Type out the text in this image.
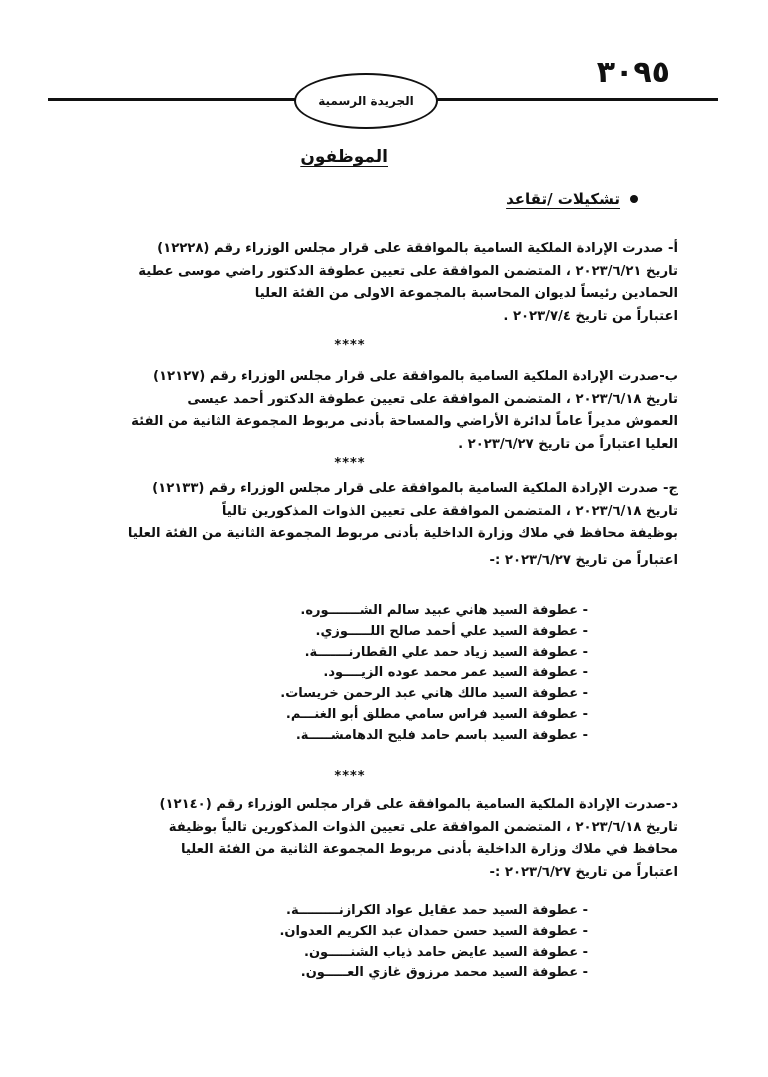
٣٠٩٥
الجريدة الرسمية
الموظفون
تشكيلات /تقاعد
أ- صدرت الإرادة الملكية السامية بالموافقة على قرار مجلس الوزراء رقم (١٢٢٢٨)
تاريخ ٢٠٢٣/٦/٢١ ، المتضمن الموافقة على تعيين عطوفة الدكتور راضي موسى عطية
الحمادين رئيساً لديوان المحاسبة بالمجموعة الاولى من الفئة العليا
اعتباراً من تاريخ ٢٠٢٣/٧/٤ .
****
ب-صدرت الإرادة الملكية السامية بالموافقة على قرار مجلس الوزراء رقم (١٢١٢٧)
تاريخ ٢٠٢٣/٦/١٨ ، المتضمن الموافقة على تعيين عطوفة الدكتور أحمد عيسى
العموش مديراً عاماً لدائرة الأراضي والمساحة بأدنى مربوط المجموعة الثانية من الفئة
العليا اعتباراً من تاريخ ٢٠٢٣/٦/٢٧ .
****
ج- صدرت الإرادة الملكية السامية بالموافقة على قرار مجلس الوزراء رقم (١٢١٣٣)
تاريخ ٢٠٢٣/٦/١٨ ، المتضمن الموافقة على تعيين الذوات المذكورين تالياً
بوظيفة محافظ في ملاك وزارة الداخلية بأدنى مربوط المجموعة الثانية من الفئة العليا
اعتباراً من تاريخ ٢٠٢٣/٦/٢٧ :-
- عطوفة السيد هاني عبيد سالم الشـــــــوره.
- عطوفة السيد علي أحمد صالح اللـــــوزي.
- عطوفة السيد زياد حمد علي القطارنـــــــة.
- عطوفة السيد عمر محمد عوده الزيــــود.
- عطوفة السيد مالك هاني عبد الرحمن خريسات.
- عطوفة السيد فراس سامي مطلق أبو الغنـــم.
- عطوفة السيد باسم حامد فليح الدهامشـــــة.
****
د-صدرت الإرادة الملكية السامية بالموافقة على قرار مجلس الوزراء رقم (١٢١٤٠)
تاريخ ٢٠٢٣/٦/١٨ ، المتضمن الموافقة على تعيين الذوات المذكورين تالياً بوظيفة
محافظ في ملاك وزارة الداخلية بأدنى مربوط المجموعة الثانية من الفئة العليا
اعتباراً من تاريخ ٢٠٢٣/٦/٢٧ :-
- عطوفة السيد حمد عقايل عواد الكرازنـــــــــة.
- عطوفة السيد حسن حمدان عبد الكريم العدوان.
- عطوفة السيد عايض حامد ذياب الشنـــــون.
- عطوفة السيد محمد مرزوق غازي العـــــون.
